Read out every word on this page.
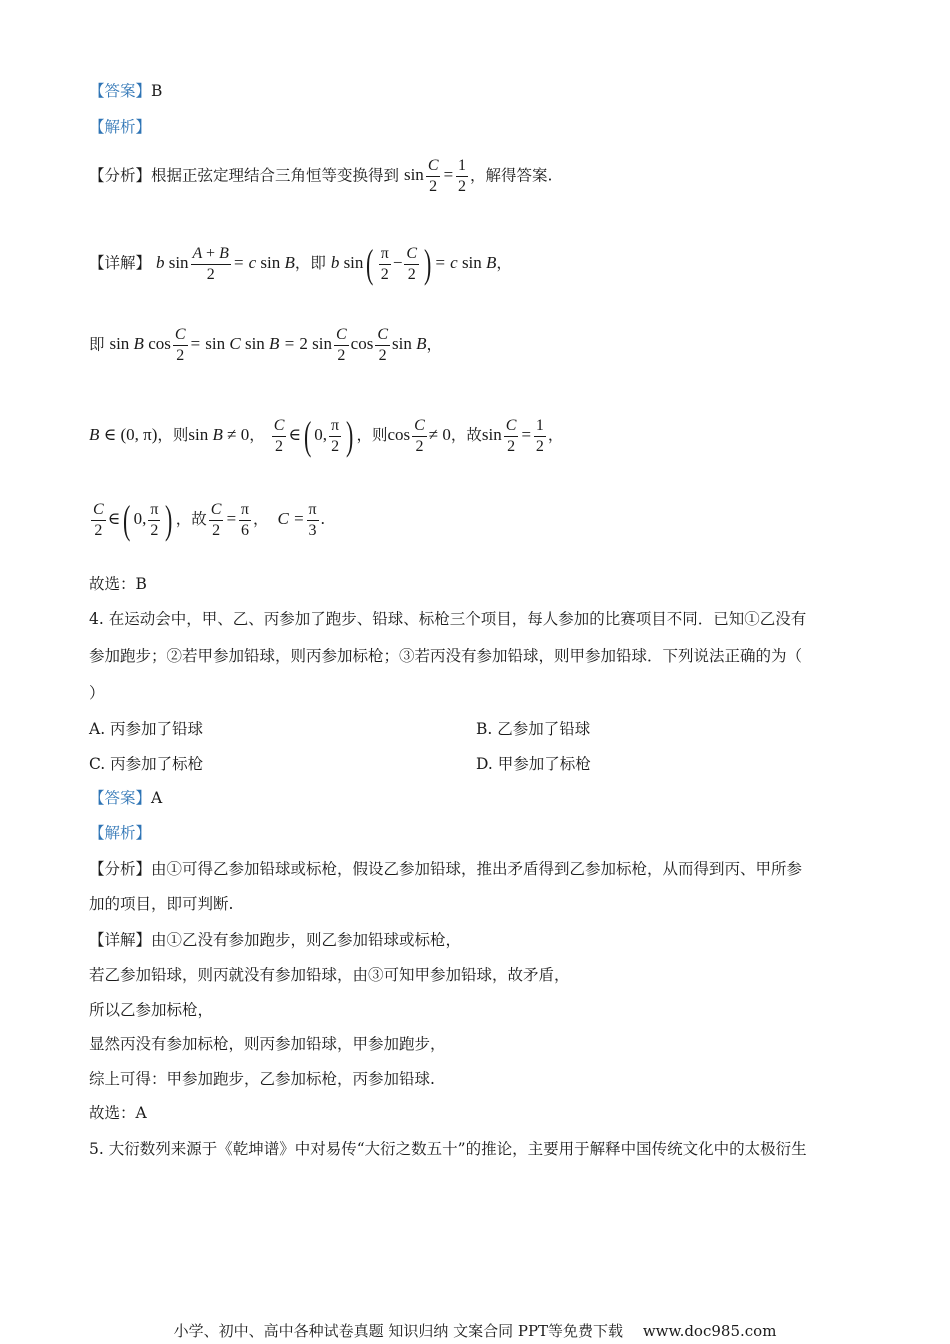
【答案】B
【解析】
【分析】根据正弦定理结合三角恒等变换得到 $\sin \frac{C}{2} = \frac{1}{2}$ ，解得答案.
【详解】 b $\sin \frac{A + B}{2} = c$ sin B，即 b $\sin( \frac{\pi}{2} - \frac{C}{2}$ ) = c sin B，
即 sin B $\cos \frac{C}{2} = \sin C$ sin B = 2 $\sin \frac{C}{2}$ $\cos \frac{C}{2}$ sin B，
B ∈ (0, π)，则sin B ≠ 0， $\frac{C}{2}$ ∈( 0, $\frac{\pi}{2}$ ) ，则$\cos \frac{C}{2} \ne 0$，故$\sin \frac{C}{2} = \frac{1}{2}$ ，
$\frac{C}{2}$ ∈( 0, $\frac{\pi}{2}$ ) ，故 $\frac{C}{2} = \frac{\pi}{6}$ ， $C = \frac{\pi}{3}$ .
故选：B
4. 在运动会中，甲、乙、丙参加了跑步、铅球、标枪三个项目，每人参加的比赛项目不同．已知①乙没有
参加跑步；②若甲参加铅球，则丙参加标枪；③若丙没有参加铅球，则甲参加铅球．下列说法正确的为（
）
A. 丙参加了铅球	B. 乙参加了铅球
C. 丙参加了标枪	D. 甲参加了标枪
【答案】A
【解析】
【分析】由①可得乙参加铅球或标枪，假设乙参加铅球，推出矛盾得到乙参加标枪，从而得到丙、甲所参
加的项目，即可判断.
【详解】由①乙没有参加跑步，则乙参加铅球或标枪，
若乙参加铅球，则丙就没有参加铅球，由③可知甲参加铅球，故矛盾，
所以乙参加标枪，
显然丙没有参加标枪，则丙参加铅球，甲参加跑步，
综上可得：甲参加跑步，乙参加标枪，丙参加铅球.
故选：A
5. 大衍数列来源于《乾坤谱》中对易传“大衍之数五十”的推论，主要用于解释中国传统文化中的太极衍生
小学、初中、高中各种试卷真题 知识归纳 文案合同 PPT等免费下载　 www.doc985.com
